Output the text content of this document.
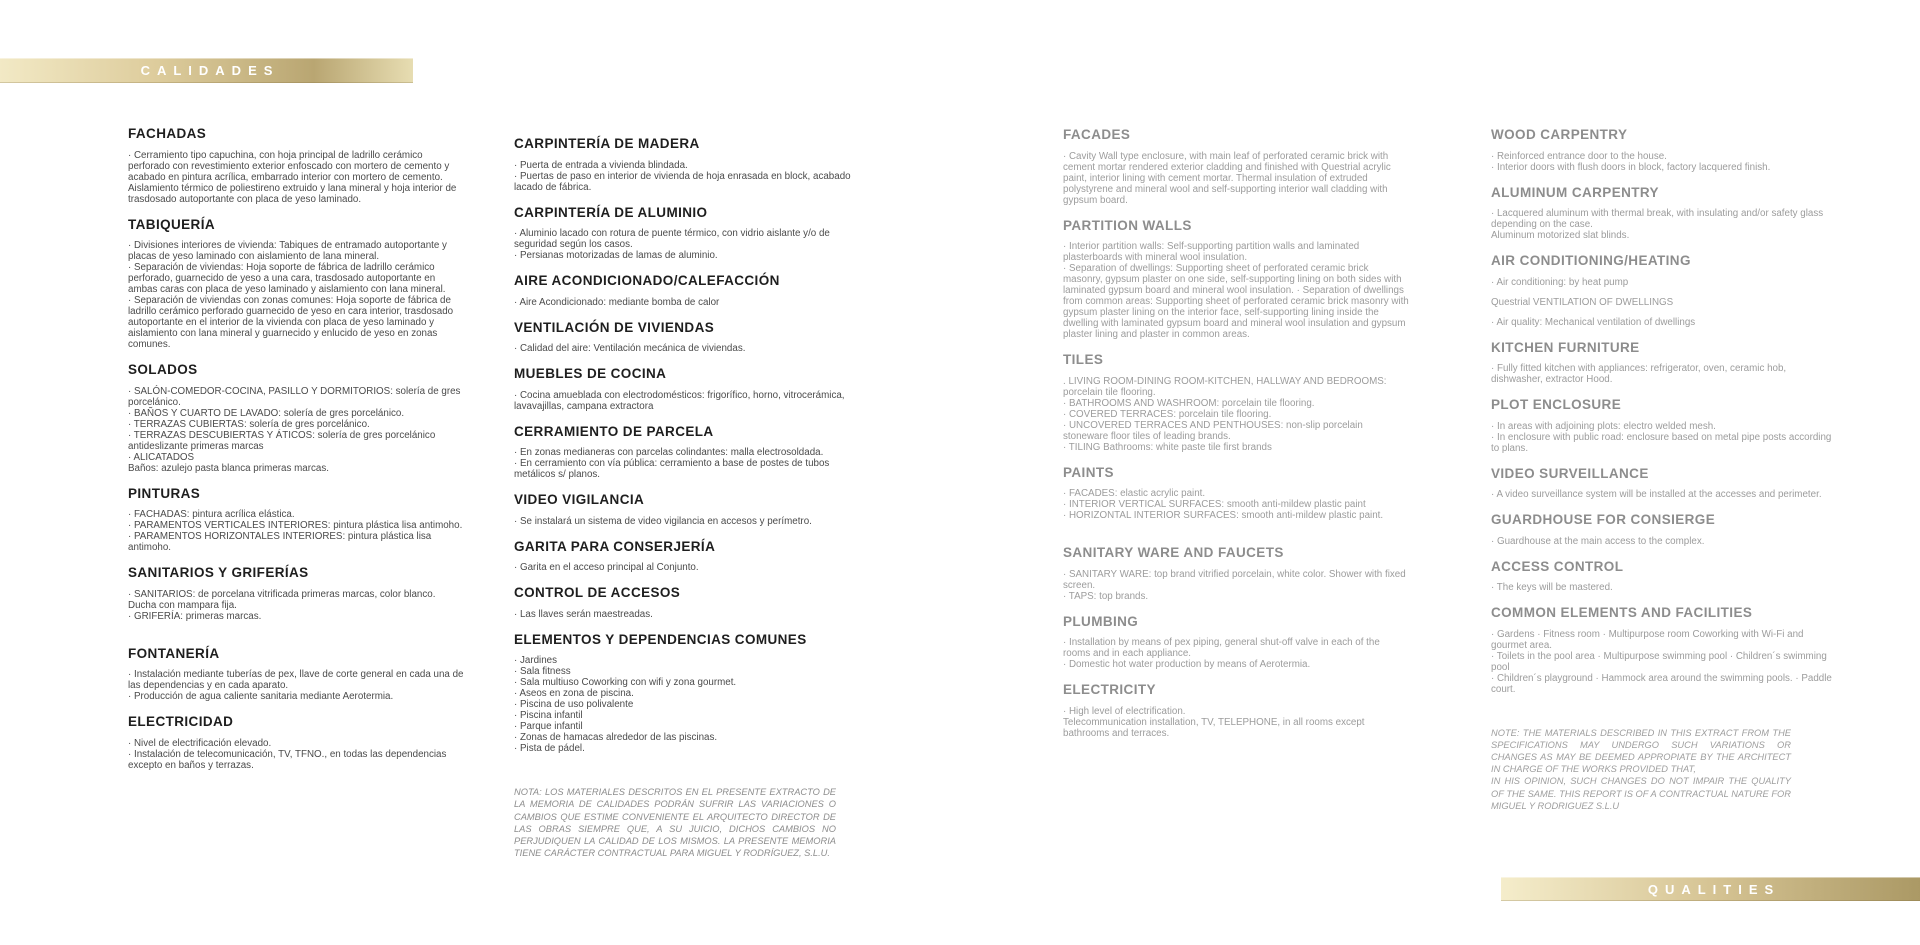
CALIDADES
FACHADAS

· Cerramiento tipo capuchina, con hoja principal de ladrillo cerámico perforado con revestimiento exterior enfoscado con mortero de cemento y acabado en pintura acrílica, embarrado interior con mortero de cemento. Aislamiento térmico de poliestireno extruido y lana mineral y hoja interior de trasdosado autoportante con placa de yeso laminado.

TABIQUERÍA

· Divisiones interiores de vivienda: Tabiques de entramado autoportante y placas de yeso laminado con aislamiento de lana mineral.

· Separación de viviendas: Hoja soporte de fábrica de ladrillo cerámico perforado, guarnecido de yeso a una cara, trasdosado autoportante en ambas caras con placa de yeso laminado y aislamiento con lana mineral.

· Separación de viviendas con zonas comunes: Hoja soporte de fábrica de ladrillo cerámico perforado guarnecido de yeso en cara interior, trasdosado autoportante en el interior de la vivienda con placa de yeso laminado y aislamiento con lana mineral y guarnecido y enlucido de yeso en zonas comunes.

SOLADOS

· SALÓN-COMEDOR-COCINA, PASILLO Y DORMITORIOS: solería de gres porcelánico.

· BAÑOS Y CUARTO DE LAVADO: solería de gres porcelánico.

· TERRAZAS CUBIERTAS: solería de gres porcelánico.

· TERRAZAS DESCUBIERTAS Y ÁTICOS: solería de gres porcelánico antideslizante primeras marcas

· ALICATADOS

Baños: azulejo pasta blanca primeras marcas.

PINTURAS

· FACHADAS: pintura acrílica elástica.

· PARAMENTOS VERTICALES INTERIORES: pintura plástica lisa antimoho.

· PARAMENTOS HORIZONTALES INTERIORES: pintura plástica lisa antimoho.

SANITARIOS Y GRIFERÍAS

· SANITARIOS: de porcelana vitrificada primeras marcas, color blanco. Ducha con mampara fija.

· GRIFERÍA: primeras marcas.

FONTANERÍA

· Instalación mediante tuberías de pex, llave de corte general en cada una de las dependencias y en cada aparato.

· Producción de agua caliente sanitaria mediante Aerotermia.

ELECTRICIDAD

· Nivel de electrificación elevado.

· Instalación de telecomunicación, TV, TFNO., en todas las dependencias excepto en baños y terrazas.

CARPINTERÍA DE MADERA

· Puerta de entrada a vivienda blindada.

· Puertas de paso en interior de vivienda de hoja enrasada en block, acabado lacado de fábrica.

CARPINTERÍA DE ALUMINIO

· Aluminio lacado con rotura de puente térmico, con vidrio aislante y/o de seguridad según los casos.

· Persianas motorizadas de lamas de aluminio.

AIRE ACONDICIONADO/CALEFACCIÓN

· Aire Acondicionado: mediante bomba de calor

VENTILACIÓN DE VIVIENDAS

· Calidad del aire: Ventilación mecánica de viviendas.

MUEBLES DE COCINA

· Cocina amueblada con electrodomésticos: frigorífico, horno, vitrocerámica, lavavajillas, campana extractora

CERRAMIENTO DE PARCELA

· En zonas medianeras con parcelas colindantes: malla electrosoldada.

· En cerramiento con vía pública: cerramiento a base de postes de tubos metálicos s/ planos.

VIDEO VIGILANCIA

· Se instalará un sistema de video vigilancia en accesos y perímetro.

GARITA PARA CONSERJERÍA

· Garita en el acceso principal al Conjunto.

CONTROL DE ACCESOS

· Las llaves serán maestreadas.

ELEMENTOS Y DEPENDENCIAS COMUNES

· Jardines

· Sala fitness

· Sala multiuso Coworking con wifi y zona gourmet.

· Aseos en zona de piscina.

· Piscina de uso polivalente

· Piscina infantil

· Parque infantil

· Zonas de hamacas alrededor de las piscinas.

· Pista de pádel.

NOTA: LOS MATERIALES DESCRITOS EN EL PRESENTE EXTRACTO DE LA MEMORIA DE CALIDADES PODRÁN SUFRIR LAS VARIACIONES O CAMBIOS QUE ESTIME CONVENIENTE EL ARQUITECTO DIRECTOR DE LAS OBRAS SIEMPRE QUE, A SU JUICIO, DICHOS CAMBIOS NO PERJUDIQUEN LA CALIDAD DE LOS MISMOS. LA PRESENTE MEMORIA TIENE CARÁCTER CONTRACTUAL PARA MIGUEL Y RODRÍGUEZ, S.L.U.

FACADES

· Cavity Wall type enclosure, with main leaf of perforated ceramic brick with cement mortar rendered exterior cladding and finished with Questrial acrylic paint, interior lining with cement mortar. Thermal insulation of extruded polystyrene and mineral wool and self-supporting interior wall cladding with gypsum board.

PARTITION WALLS

· Interior partition walls: Self-supporting partition walls and laminated plasterboards with mineral wool insulation.

· Separation of dwellings: Supporting sheet of perforated ceramic brick masonry, gypsum plaster on one side, self-supporting lining on both sides with laminated gypsum board and mineral wool insulation. · Separation of dwellings from common areas: Supporting sheet of perforated ceramic brick masonry with gypsum plaster lining on the interior face, self-supporting lining inside the dwelling with laminated gypsum board and mineral wool insulation and gypsum plaster lining and plaster in common areas.

TILES

. LIVING ROOM-DINING ROOM-KITCHEN, HALLWAY AND BEDROOMS: porcelain tile flooring.

· BATHROOMS AND WASHROOM: porcelain tile flooring.

· COVERED TERRACES: porcelain tile flooring.

· UNCOVERED TERRACES AND PENTHOUSES: non-slip porcelain stoneware floor tiles of leading brands.

· TILING Bathrooms: white paste tile first brands

PAINTS

· FACADES: elastic acrylic paint.

· INTERIOR VERTICAL SURFACES: smooth anti-mildew plastic paint

· HORIZONTAL INTERIOR SURFACES: smooth anti-mildew plastic paint.

SANITARY WARE AND FAUCETS

· SANITARY WARE: top brand vitrified porcelain, white color. Shower with fixed screen.

· TAPS: top brands.

PLUMBING

· Installation by means of pex piping, general shut-off valve in each of the rooms and in each appliance.

· Domestic hot water production by means of Aerotermia.

ELECTRICITY

· High level of electrification.

Telecommunication installation, TV, TELEPHONE, in all rooms except bathrooms and terraces.

WOOD CARPENTRY

· Reinforced entrance door to the house.

· Interior doors with flush doors in block, factory lacquered finish.

ALUMINUM CARPENTRY

· Lacquered aluminum with thermal break, with insulating and/or safety glass depending on the case.

Aluminum motorized slat blinds.

AIR CONDITIONING/HEATING

· Air conditioning: by heat pump

Questrial VENTILATION OF DWELLINGS

· Air quality: Mechanical ventilation of dwellings

KITCHEN FURNITURE

· Fully fitted kitchen with appliances: refrigerator, oven, ceramic hob, dishwasher, extractor Hood.

PLOT ENCLOSURE

· In areas with adjoining plots: electro welded mesh.

· In enclosure with public road: enclosure based on metal pipe posts according to plans.

VIDEO SURVEILLANCE

· A video surveillance system will be installed at the accesses and perimeter.

GUARDHOUSE FOR CONSIERGE

· Guardhouse at the main access to the complex.

ACCESS CONTROL

· The keys will be mastered.

COMMON ELEMENTS AND FACILITIES

· Gardens · Fitness room · Multipurpose room Coworking with Wi-Fi and gourmet area.

· Toilets in the pool area · Multipurpose swimming pool · Children´s swimming pool

· Children´s playground · Hammock area around the swimming pools. · Paddle court.

NOTE: THE MATERIALS DESCRIBED IN THIS EXTRACT FROM THE SPECIFICATIONS MAY UNDERGO SUCH VARIATIONS OR CHANGES AS MAY BE DEEMED APPROPIATE BY THE ARCHITECT IN CHARGE OF THE WORKS PROVIDED THAT,

IN HIS OPINION, SUCH CHANGES DO NOT IMPAIR THE QUALITY OF THE SAME. THIS REPORT IS OF A CONTRACTUAL NATURE FOR MIGUEL Y RODRIGUEZ S.L.U

QUALITIES
